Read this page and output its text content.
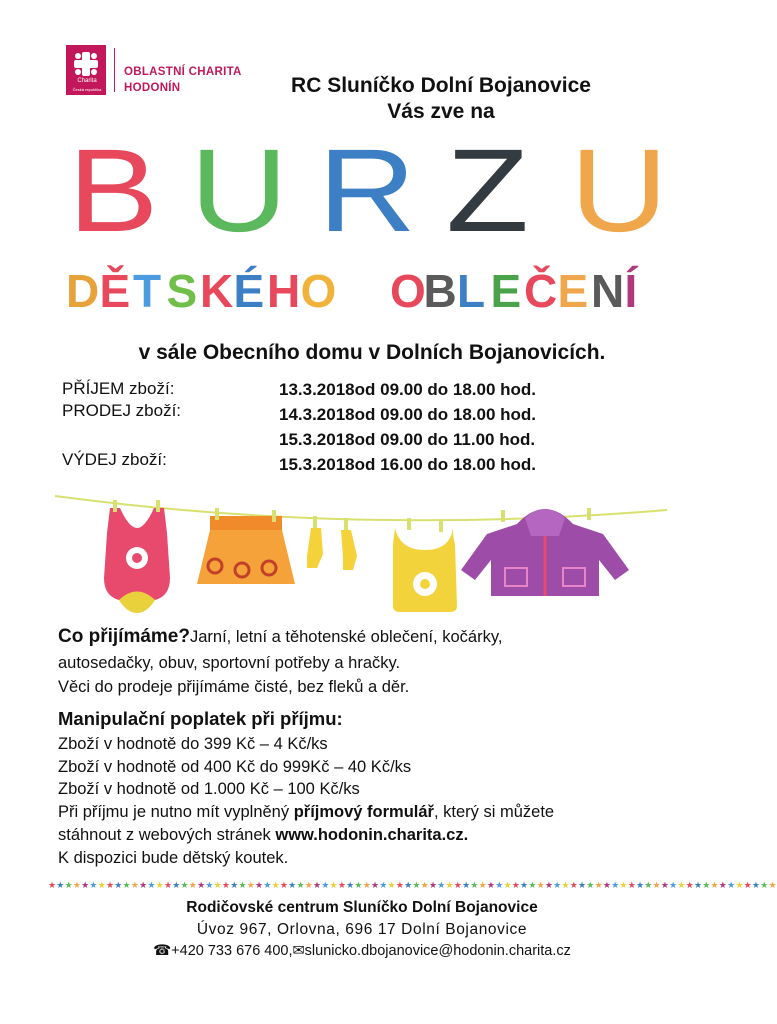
Charita
Česká republika
OBLASTNÍ CHARITA
HODONÍN	RC Sluníčko Dolní Bojanovice
Vás zve na
B U R Z U
D Ě T S K É H O O
B L E Č E N Í
v sále Obecního domu v Dolních Bojanovicích.
PŘÍJEM zboží:
PRODEJ zboží:
VÝDEJ zboží:
13.3.2018od 09.00 do 18.00 hod.
14.3.2018od 09.00 do 18.00 hod.
15.3.2018od 09.00 do 11.00 hod.
15.3.2018od 16.00 do 18.00 hod.
Co přijímáme?Jarní, letní a těhotenské oblečení, kočárky,
autosedačky, obuv, sportovní potřeby a hračky.
Věci do prodeje přijímáme čisté, bez fleků a děr.
Manipulační poplatek při příjmu:
Zboží v hodnotě do 399 Kč – 4 Kč/ks
Zboží v hodnotě od 400 Kč do 999Kč – 40 Kč/ks
Zboží v hodnotě od 1.000 Kč – 100 Kč/ks
Při příjmu je nutno mít vyplněný příjmový formulář, který si můžete
stáhnout z webových stránek www.hodonin.charita.cz.
K dispozici bude dětský koutek.
★★★★★★★★★★★★★★★★★★★★★★★★★★★★★★★★★★★★★★★★★★★★★★★★★★★★★★★★★★★★★★★★★★★★★★★★★★★★★★★★★★★★★★★★
Rodičovské centrum Sluníčko Dolní Bojanovice
Úvoz 967, Orlovna, 696 17 Dolní Bojanovice
☎+420 733 676 400,✉slunicko.dbojanovice@hodonin.charita.cz
